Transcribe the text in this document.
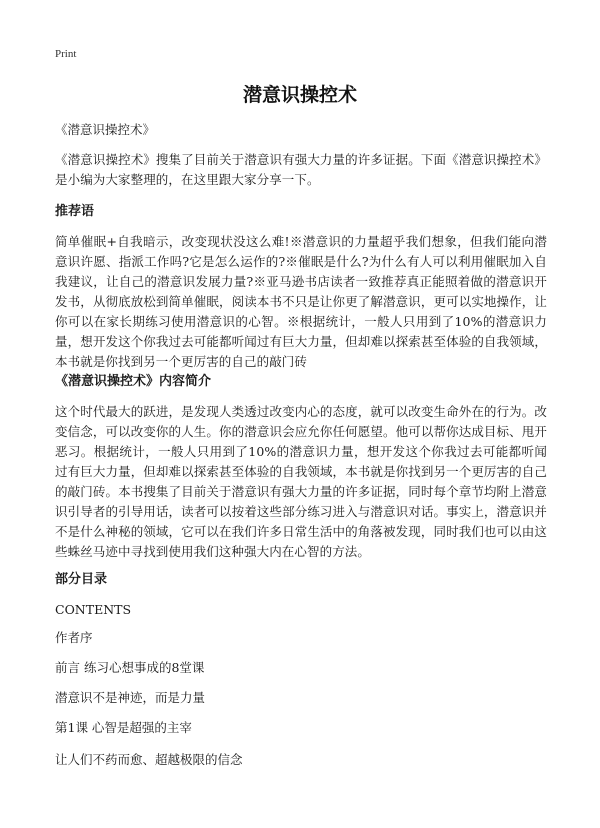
Print
潜意识操控术
《潜意识操控术》
《潜意识操控术》搜集了目前关于潜意识有强大力量的许多证据。下面《潜意识操控术》是小编为大家整理的，在这里跟大家分享一下。
推荐语
简单催眠+自我暗示，改变现状没这么难!※潜意识的力量超乎我们想象，但我们能向潜意识许愿、指派工作吗?它是怎么运作的?※催眠是什么?为什么有人可以利用催眠加入自我建议，让自己的潜意识发展力量?※亚马逊书店读者一致推荐真正能照着做的潜意识开发书，从彻底放松到简单催眠，阅读本书不只是让你更了解潜意识，更可以实地操作，让你可以在家长期练习使用潜意识的心智。※根据统计，一般人只用到了10%的潜意识力量，想开发这个你我过去可能都听闻过有巨大力量，但却难以探索甚至体验的自我领域，本书就是你找到另一个更厉害的自己的敲门砖
《潜意识操控术》内容简介
这个时代最大的跃进，是发现人类透过改变内心的态度，就可以改变生命外在的行为。改变信念，可以改变你的人生。你的潜意识会应允你任何愿望。他可以帮你达成目标、甩开恶习。根据统计，一般人只用到了10%的潜意识力量，想开发这个你我过去可能都听闻过有巨大力量，但却难以探索甚至体验的自我领域，本书就是你找到另一个更厉害的自己的敲门砖。本书搜集了目前关于潜意识有强大力量的许多证据，同时每个章节均附上潜意识引导者的引导用话，读者可以按着这些部分练习进入与潜意识对话。事实上，潜意识并不是什么神秘的领域，它可以在我们许多日常生活中的角落被发现，同时我们也可以由这些蛛丝马迹中寻找到使用我们这种强大内在心智的方法。
部分目录
CONTENTS
作者序
前言 练习心想事成的8堂课
潜意识不是神迹，而是力量
第1课 心智是超强的主宰
让人们不药而愈、超越极限的信念
